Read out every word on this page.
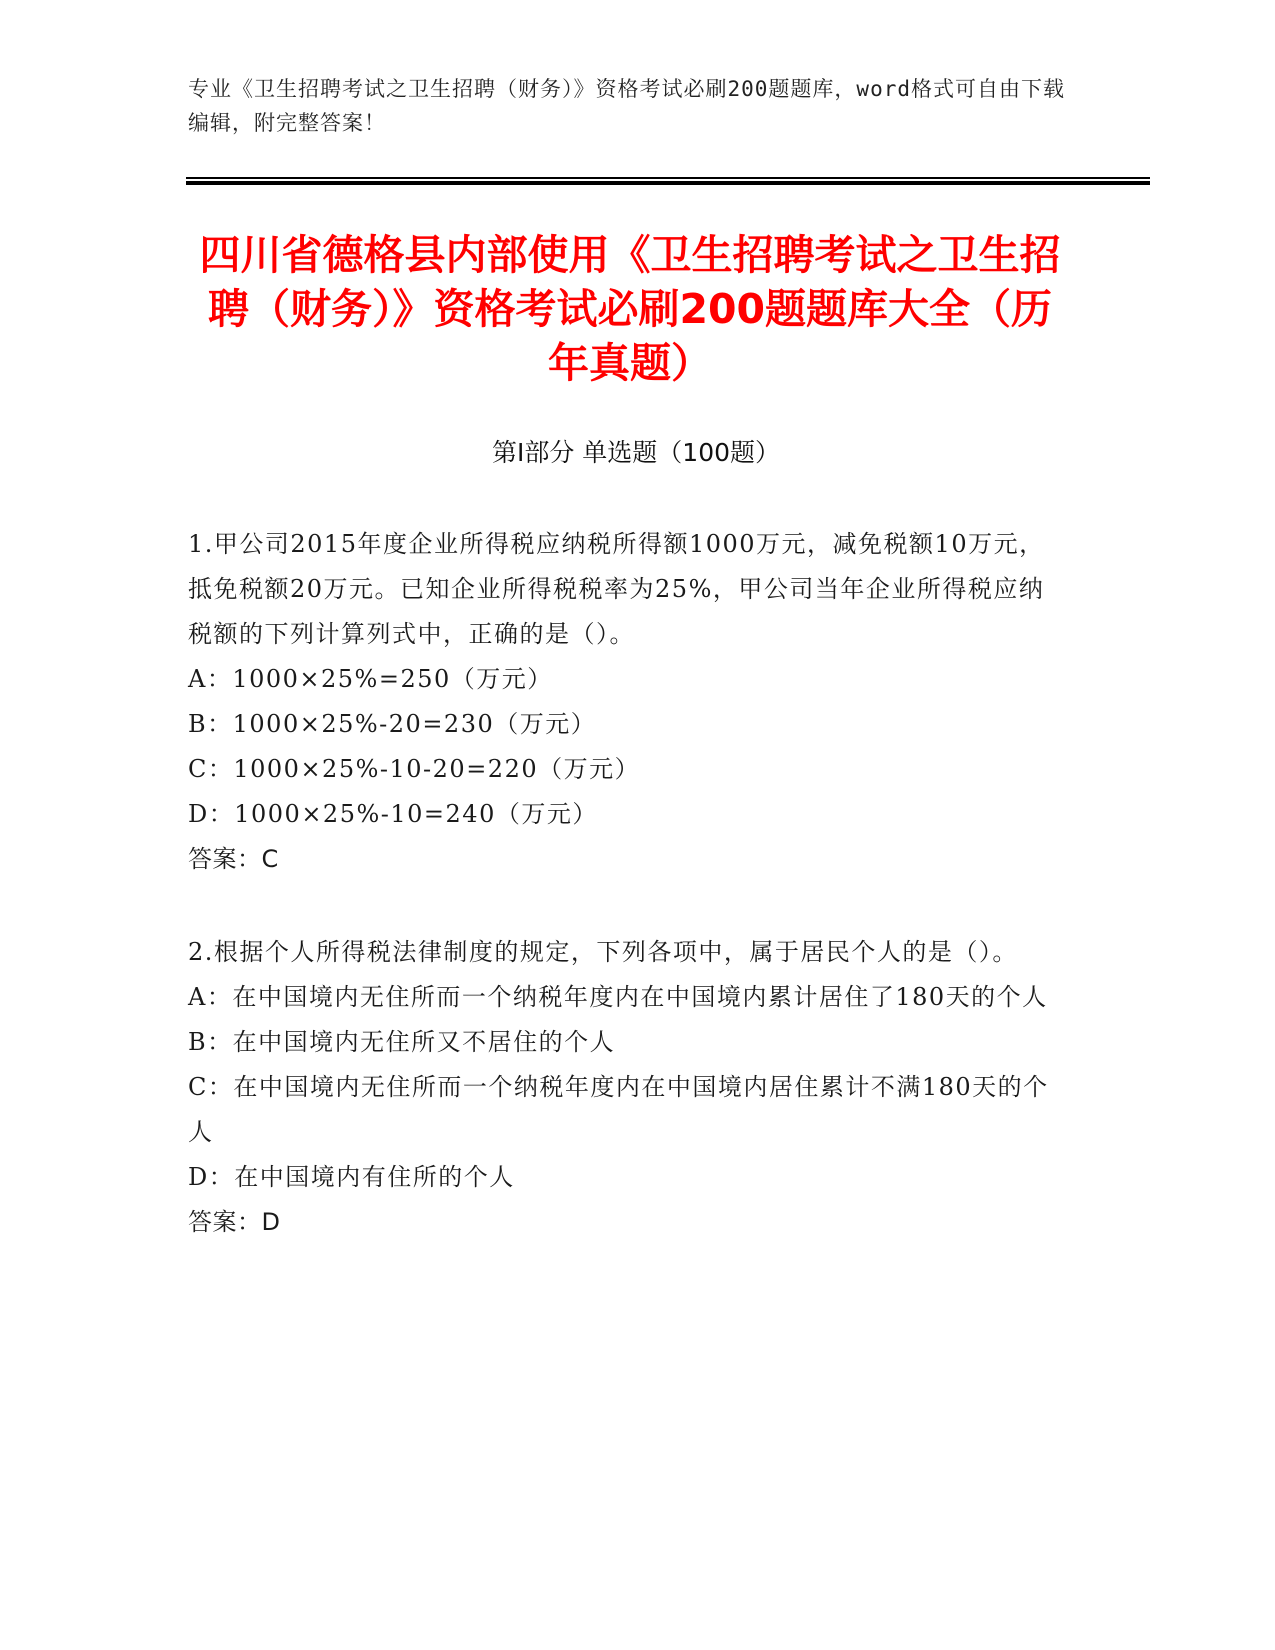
专业《卫生招聘考试之卫生招聘（财务）》资格考试必刷200题题库，word格式可自由下载编辑，附完整答案！
四川省德格县内部使用《卫生招聘考试之卫生招聘（财务）》资格考试必刷200题题库大全（历年真题）
第Ⅰ部分 单选题（100题）
1.甲公司2015年度企业所得税应纳税所得额1000万元，减免税额10万元，抵免税额20万元。已知企业所得税税率为25%，甲公司当年企业所得税应纳税额的下列计算列式中，正确的是（）。
A：1000×25%=250（万元）
B：1000×25%-20=230（万元）
C：1000×25%-10-20=220（万元）
D：1000×25%-10=240（万元）
答案：C
2.根据个人所得税法律制度的规定，下列各项中，属于居民个人的是（）。
A：在中国境内无住所而一个纳税年度内在中国境内累计居住了180天的个人
B：在中国境内无住所又不居住的个人
C：在中国境内无住所而一个纳税年度内在中国境内居住累计不满180天的个人
D：在中国境内有住所的个人
答案：D
